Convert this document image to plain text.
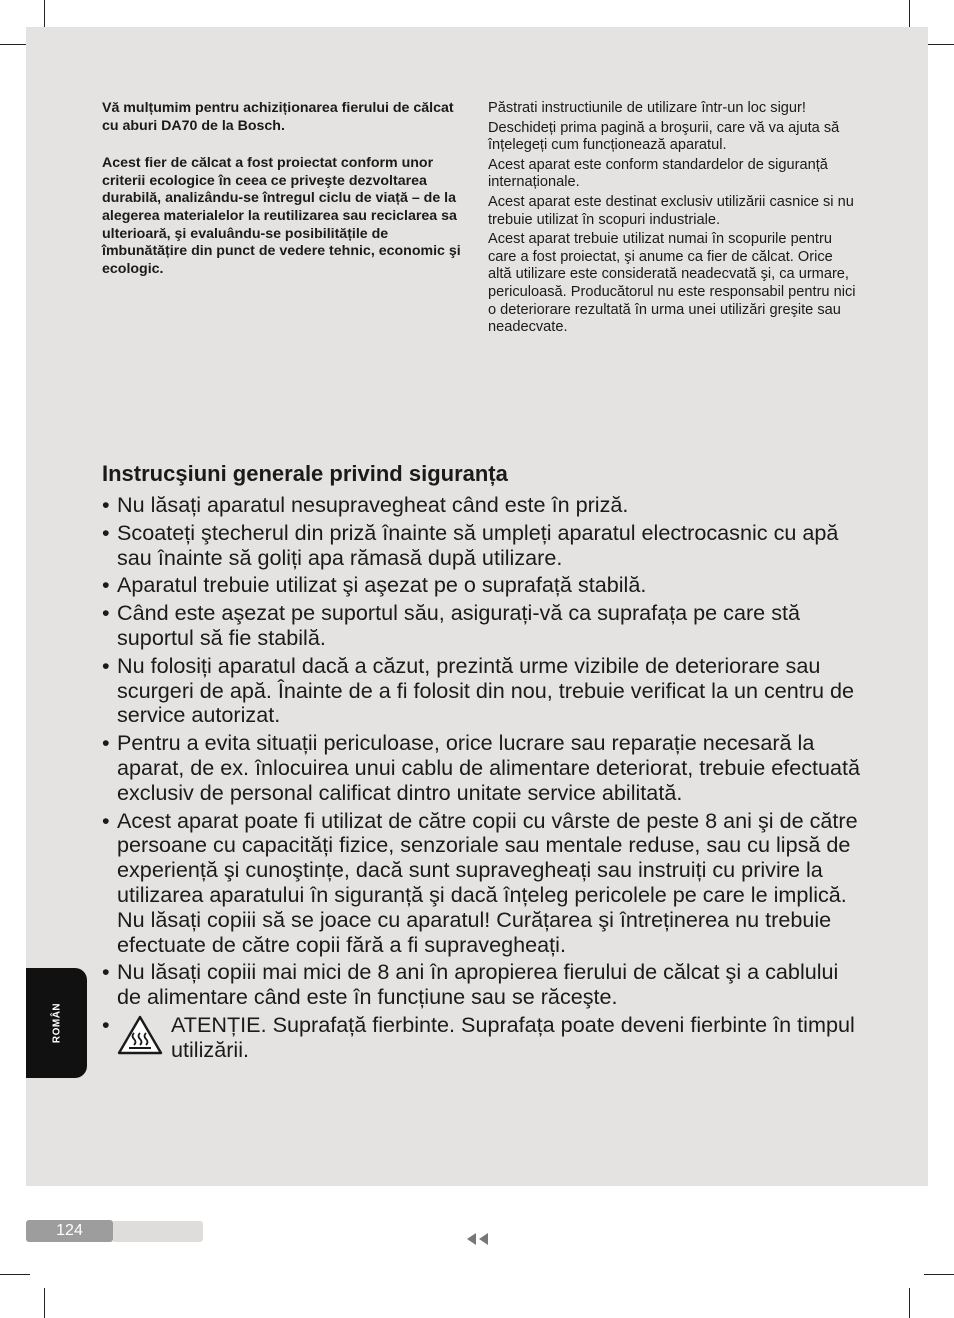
Vă mulțumim pentru achiziționarea fierului de călcat cu aburi DA70 de la Bosch.

Acest fier de călcat a fost proiectat conform unor criterii ecologice în ceea ce priveşte dezvoltarea durabilă, analizându-se întregul ciclu de viață – de la alegerea materialelor la reutilizarea sau reciclarea sa ulterioară, şi evaluându-se posibilitățile de îmbunătățire din punct de vedere tehnic, economic şi ecologic.

Păstrati instructiunile de utilizare într-un loc sigur!

Deschideți prima pagină a broşurii, care vă va ajuta să înțelegeți cum funcționează aparatul.

Acest aparat este conform standardelor de siguranță internaționale.

Acest aparat este destinat exclusiv utilizării casnice si nu trebuie utilizat în scopuri industriale.

Acest aparat trebuie utilizat numai în scopurile pentru care a fost proiectat, şi anume ca fier de călcat. Orice altă utilizare este considerată neadecvată şi, ca urmare, periculoasă. Producătorul nu este responsabil pentru nici o deteriorare rezultată în urma unei utilizări greşite sau neadecvate.

Instrucşiuni generale privind siguranța
• Nu lăsați aparatul nesupravegheat când este în priză.
• Scoateți ştecherul din priză înainte să umpleți aparatul electrocasnic cu apă sau înainte să goliți apa rămasă după utilizare.
• Aparatul trebuie utilizat şi aşezat pe o suprafață stabilă.
• Când este aşezat pe suportul său, asigurați-vă ca suprafața pe care stă suportul să fie stabilă.
• Nu folosiți aparatul dacă a căzut, prezintă urme vizibile de deteriorare sau scurgeri de apă. Înainte de a fi folosit din nou, trebuie verificat la un centru de service autorizat.
• Pentru a evita situații periculoase, orice lucrare sau reparație necesară la aparat, de ex. înlocuirea unui cablu de alimentare deteriorat, trebuie efectuată exclusiv de personal calificat dintro unitate service abilitată.
• Acest aparat poate fi utilizat de către copii cu vârste de peste 8 ani şi de către persoane cu capacități fizice, senzoriale sau mentale reduse, sau cu lipsă de experiență şi cunoştințe, dacă sunt supravegheați sau instruiți cu privire la utilizarea aparatului în siguranță şi dacă înțeleg pericolele pe care le implică. Nu lăsați copiii să se joace cu aparatul! Curățarea şi întreținerea nu trebuie efectuate de către copii fără a fi supravegheați.
• Nu lăsați copiii mai mici de 8 ani în apropierea fierului de călcat şi a cablului de alimentare când este în funcțiune sau se răceşte.
•	ATENȚIE. Suprafață fierbinte. Suprafața poate deveni fierbinte în timpul utilizării.
ROMÂN
124
